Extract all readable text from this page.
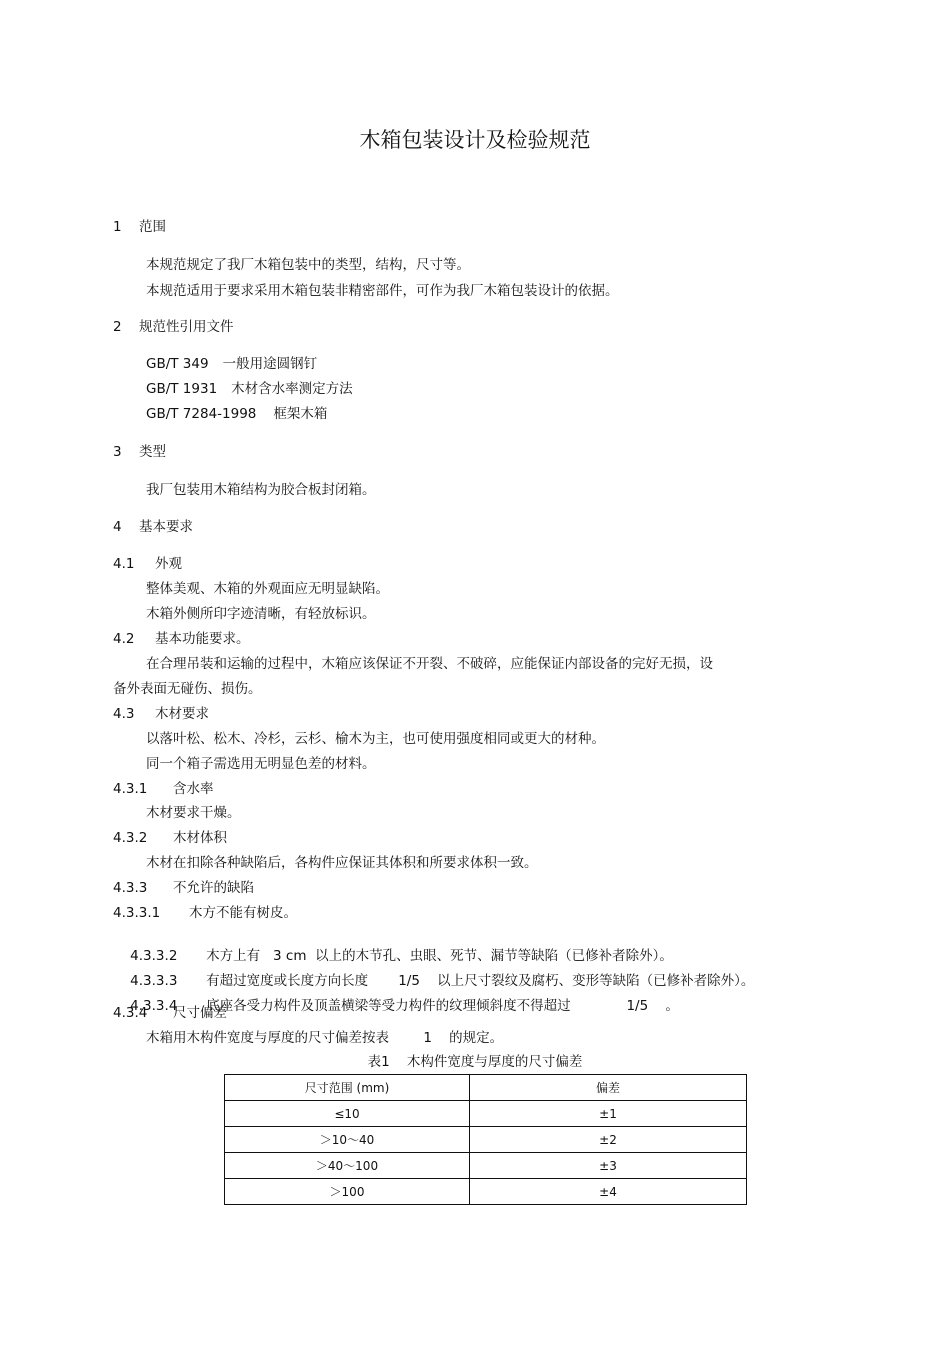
木箱包装设计及检验规范
1 范围
本规范规定了我厂木箱包装中的类型，结构，尺寸等。
本规范适用于要求采用木箱包装非精密部件，可作为我厂木箱包装设计的依据。
2 规范性引用文件
GB/T 349 一般用途圆钢钉
GB/T 1931 木材含水率测定方法
GB/T 7284-1998 框架木箱
3 类型
我厂包装用木箱结构为胶合板封闭箱。
4 基本要求
4.1 外观
整体美观、木箱的外观面应无明显缺陷。
木箱外侧所印字迹清晰，有轻放标识。
4.2 基本功能要求。
在合理吊装和运输的过程中，木箱应该保证不开裂、不破碎，应能保证内部设备的完好无损，设
备外表面无碰伤、损伤。
4.3 木材要求
以落叶松、松木、冷杉，云杉、榆木为主，也可使用强度相同或更大的材种。
同一个箱子需选用无明显色差的材料。
4.3.1 含水率
木材要求干燥。
4.3.2 木材体积
木材在扣除各种缺陷后，各构件应保证其体积和所要求体积一致。
4.3.3 不允许的缺陷
4.3.3.1 木方不能有树皮。

4.3.3.2 木方上有   3 cm  以上的木节孔、虫眼、死节、漏节等缺陷（已修补者除外）。

4.3.3.3 有超过宽度或长度方向长度       1/5    以上尺寸裂纹及腐朽、变形等缺陷（已修补者除外）。

4.3.3.4 底座各受力构件及顶盖横梁等受力构件的纹理倾斜度不得超过             1/5    。

4.3.4 尺寸偏差
木箱用木构件宽度与厚度的尺寸偏差按表        1    的规定。
表1    木构件宽度与厚度的尺寸偏差
尺寸范围 (mm)	偏差
≤10	±1
＞10～40	±2
＞40～100	±3
＞100	±4
